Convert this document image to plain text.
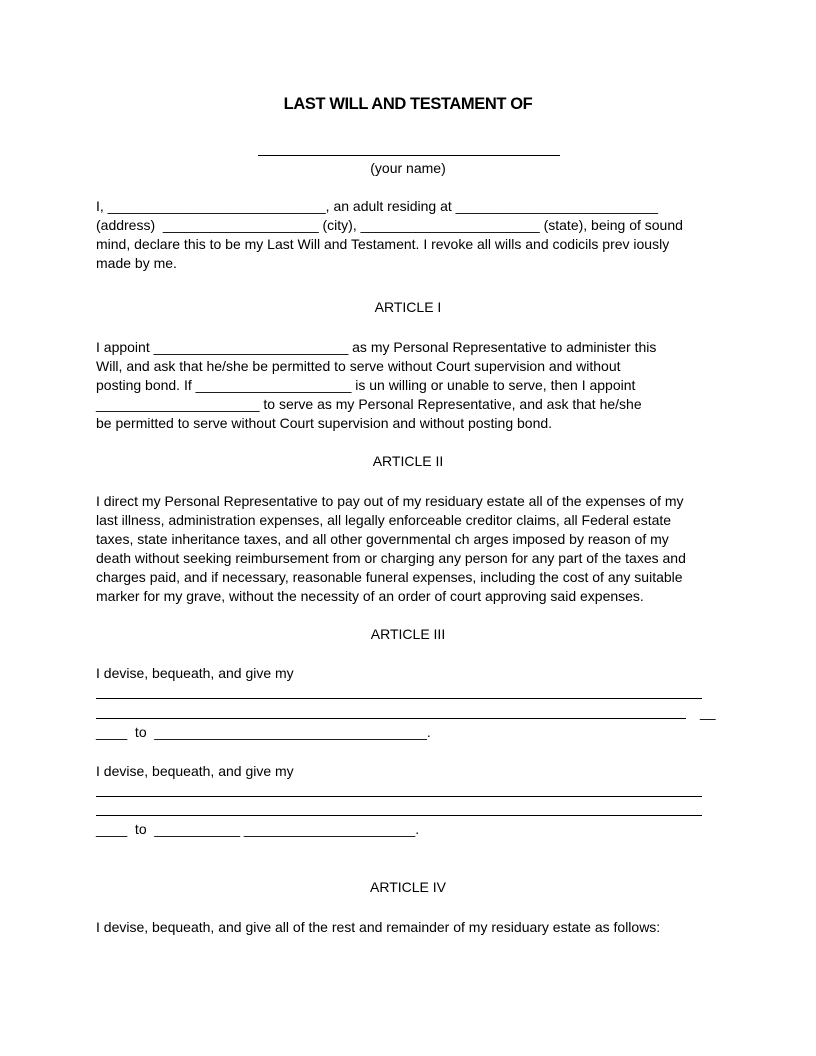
LAST WILL AND TESTAMENT OF
(your name)
I, ____________________________, an adult residing at __________________________
(address)  ____________________ (city), _______________________ (state), being of sound
mind, declare this to be my Last Will and Testament. I revoke all wills and codicils prev iously
made by me.
ARTICLE I
I appoint _________________________ as my Personal Representative to administer this
Will, and ask that he/she be permitted to serve without Court supervision and without
posting bond. If ____________________ is un willing or unable to serve, then I appoint
_____________________ to serve as my Personal Representative, and ask that he/she
be permitted to serve without Court supervision and without posting bond.
ARTICLE II
I direct my Personal Representative to pay out of my residuary estate all of the expenses of my
last illness, administration expenses, all legally enforceable creditor claims, all Federal estate
taxes, state inheritance taxes, and all other governmental ch arges imposed by reason of my
death without seeking reimbursement from or charging any person for any part of the taxes and
charges paid, and if necessary, reasonable funeral expenses, including the cost of any suitable
marker for my grave, without the necessity of an order of court approving said expenses.
ARTICLE III
I devise, bequeath, and give my
__
____  to  ___________________________________.
I devise, bequeath, and give my
____  to  ___________ ______________________.
ARTICLE IV
I devise, bequeath, and give all of the rest and remainder of my residuary estate as follows:
